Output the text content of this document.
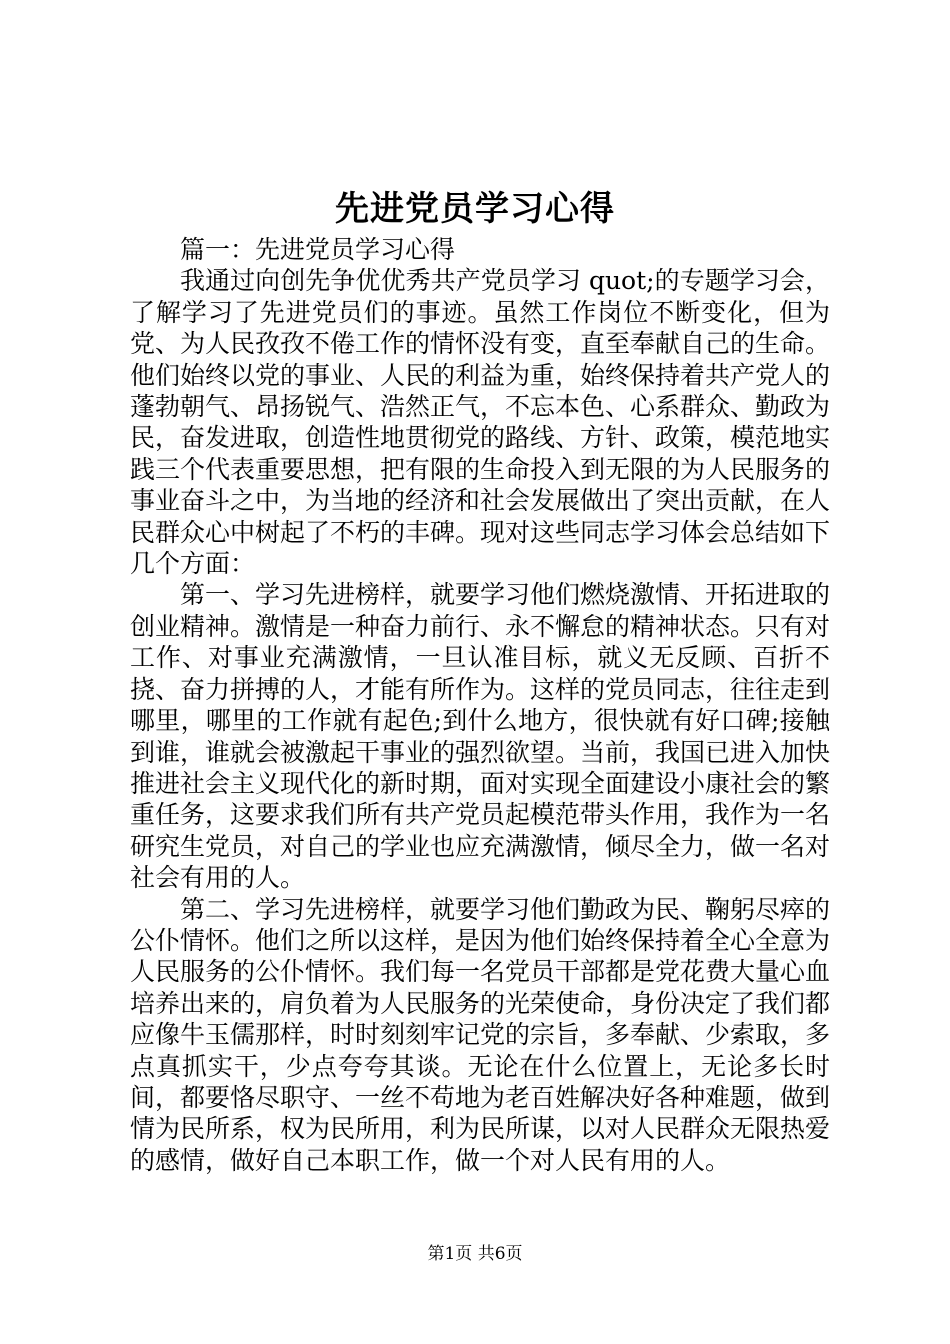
先进党员学习心得

篇一：先进党员学习心得

我通过向创先争优优秀共产党员学习 quot;的专题学习会，了解学习了先进党员们的事迹。虽然工作岗位不断变化，但为党、为人民孜孜不倦工作的情怀没有变，直至奉献自己的生命。他们始终以党的事业、人民的利益为重，始终保持着共产党人的蓬勃朝气、昂扬锐气、浩然正气，不忘本色、心系群众、勤政为民，奋发进取，创造性地贯彻党的路线、方针、政策，模范地实践三个代表重要思想，把有限的生命投入到无限的为人民服务的事业奋斗之中，为当地的经济和社会发展做出了突出贡献，在人民群众心中树起了不朽的丰碑。现对这些同志学习体会总结如下几个方面：

第一、学习先进榜样，就要学习他们燃烧激情、开拓进取的创业精神。激情是一种奋力前行、永不懈怠的精神状态。只有对工作、对事业充满激情，一旦认准目标，就义无反顾、百折不挠、奋力拼搏的人，才能有所作为。这样的党员同志，往往走到哪里，哪里的工作就有起色;到什么地方，很快就有好口碑;接触到谁，谁就会被激起干事业的强烈欲望。当前，我国已进入加快推进社会主义现代化的新时期，面对实现全面建设小康社会的繁重任务，这要求我们所有共产党员起模范带头作用，我作为一名研究生党员，对自己的学业也应充满激情，倾尽全力，做一名对社会有用的人。

第二、学习先进榜样，就要学习他们勤政为民、鞠躬尽瘁的公仆情怀。他们之所以这样，是因为他们始终保持着全心全意为人民服务的公仆情怀。我们每一名党员干部都是党花费大量心血培养出来的，肩负着为人民服务的光荣使命，身份决定了我们都应像牛玉儒那样，时时刻刻牢记党的宗旨，多奉献、少索取，多点真抓实干，少点夸夸其谈。无论在什么位置上，无论多长时间，都要恪尽职守、一丝不苟地为老百姓解决好各种难题，做到情为民所系，权为民所用，利为民所谋，以对人民群众无限热爱的感情，做好自己本职工作，做一个对人民有用的人。

第1页 共6页
